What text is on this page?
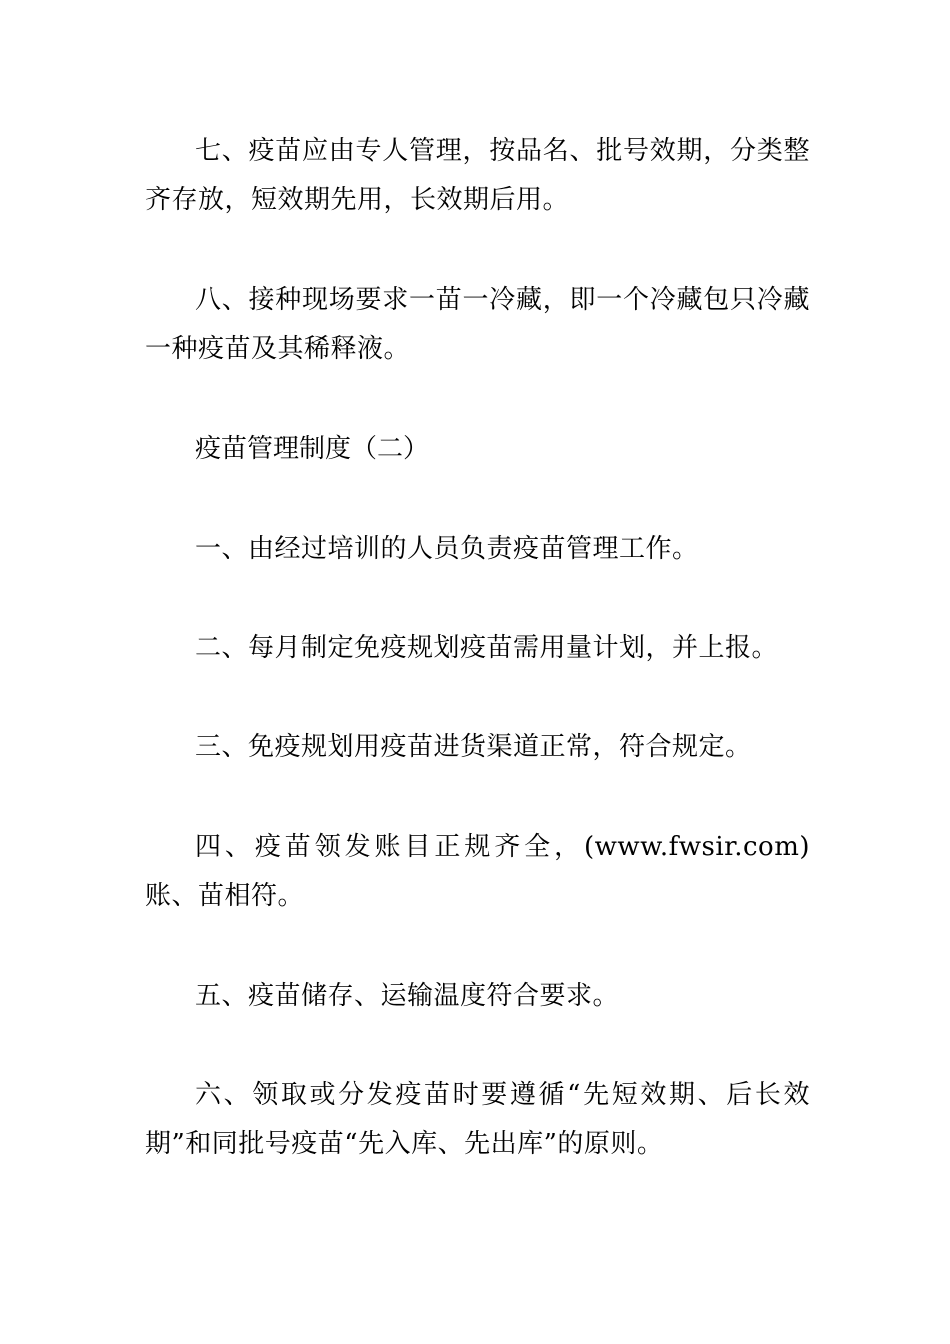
七、疫苗应由专人管理，按品名、批号效期，分类整齐存放，短效期先用，长效期后用。

八、接种现场要求一苗一冷藏，即一个冷藏包只冷藏一种疫苗及其稀释液。

疫苗管理制度（二）

一、由经过培训的人员负责疫苗管理工作。

二、每月制定免疫规划疫苗需用量计划，并上报。

三、免疫规划用疫苗进货渠道正常，符合规定。

四、疫苗领发账目正规齐全，(www.fwsir.com)账、苗相符。

五、疫苗储存、运输温度符合要求。

六、领取或分发疫苗时要遵循“先短效期、后长效期”和同批号疫苗“先入库、先出库”的原则。
